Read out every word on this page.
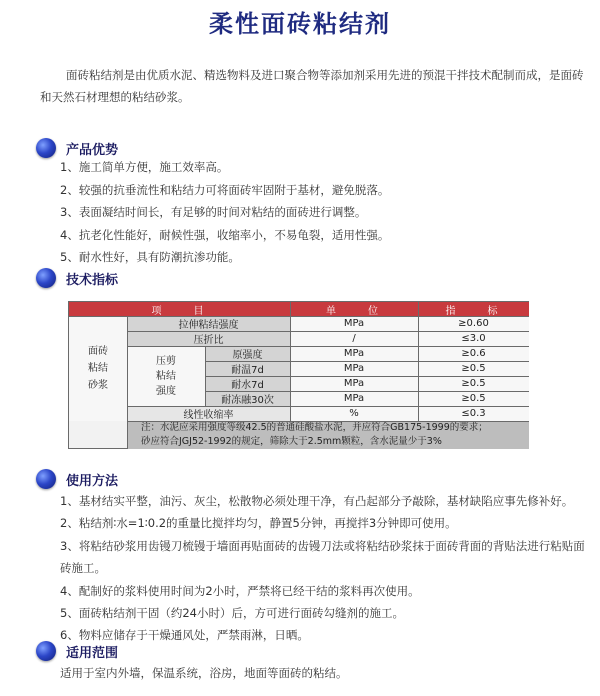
柔性面砖粘结剂
面砖粘结剂是由优质水泥、精选物料及进口聚合物等添加剂采用先进的预混干拌技术配制而成，是面砖和天然石材理想的粘结砂浆。
产品优势
1、施工简单方便，施工效率高。
2、较强的抗垂流性和粘结力可将面砖牢固附于基材，避免脱落。
3、表面凝结时间长，有足够的时间对粘结的面砖进行调整。
4、抗老化性能好，耐候性强，收缩率小，不易龟裂，适用性强。
5、耐水性好，具有防潮抗渗功能。
技术指标
项　　目	单　　位	指　　标
面砖
粘结
砂浆
拉伸粘结强度	MPa	≥0.60
压折比	/	≤3.0
压剪
粘结
强度
原强度	MPa	≥0.6
耐温7d	MPa	≥0.5
耐水7d	MPa	≥0.5
耐冻融30次	MPa	≥0.5
线性收缩率	%	≤0.3
注：水泥应采用强度等级42.5的普通硅酸盐水泥，并应符合GB175-1999的要求；
砂应符合JGJ52-1992的规定，筛除大于2.5mm颗粒，含水泥量少于3%
使用方法
1、基材结实平整，油污、灰尘，松散物必须处理干净，有凸起部分予敲除，基材缺陷应事先修补好。
2、粘结剂∶水=1∶0.2的重量比搅拌均匀，静置5分钟，再搅拌3分钟即可使用。
3、将粘结砂浆用齿镘刀梳镘于墙面再贴面砖的齿镘刀法或将粘结砂浆抹于面砖背面的背贴法进行粘贴面　砖施工。
4、配制好的浆料使用时间为2小时，严禁将已经干结的浆料再次使用。
5、面砖粘结剂干固（约24小时）后，方可进行面砖勾缝剂的施工。
6、物料应储存于干燥通风处，严禁雨淋，日晒。
适用范围
适用于室内外墙，保温系统，浴房，地面等面砖的粘结。
